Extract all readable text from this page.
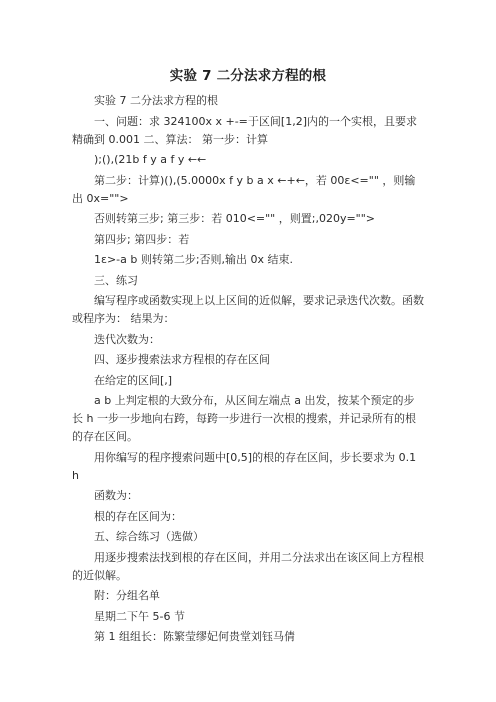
实验 7 二分法求方程的根

实验 7 二分法求方程的根

一、问题：求 324100x x +-=于区间[1,2]内的一个实根，且要求精确到 0.001 二、算法： 第一步：计算

);(),(21b f y a f y ←←

第二步：计算)(),(5.0000x f y b a x ←+←，若 00ε<="" ，则输出 0x="">

否则转第三步; 第三步：若 010<="" ，则置;,020y="">

第四步; 第四步：若

1ε>-a b 则转第二步;否则,输出 0x 结束.

三、练习

编写程序或函数实现上以上区间的近似解，要求记录迭代次数。函数或程序为： 结果为：

迭代次数为：

四、逐步搜索法求方程根的存在区间

在给定的区间[,]

a b 上判定根的大致分布，从区间左端点 a 出发，按某个预定的步长 h 一步一步地向右跨，每跨一步进行一次根的搜索，并记录所有的根的存在区间。

用你编写的程序搜索问题中[0,5]的根的存在区间，步长要求为 0.1 h

函数为：

根的存在区间为：

五、综合练习（选做）

用逐步搜索法找到根的存在区间，并用二分法求出在该区间上方程根的近似解。

附：分组名单

星期二下午 5-6 节

第 1 组组长：陈繁莹缪妃何贵堂刘钰马倩
